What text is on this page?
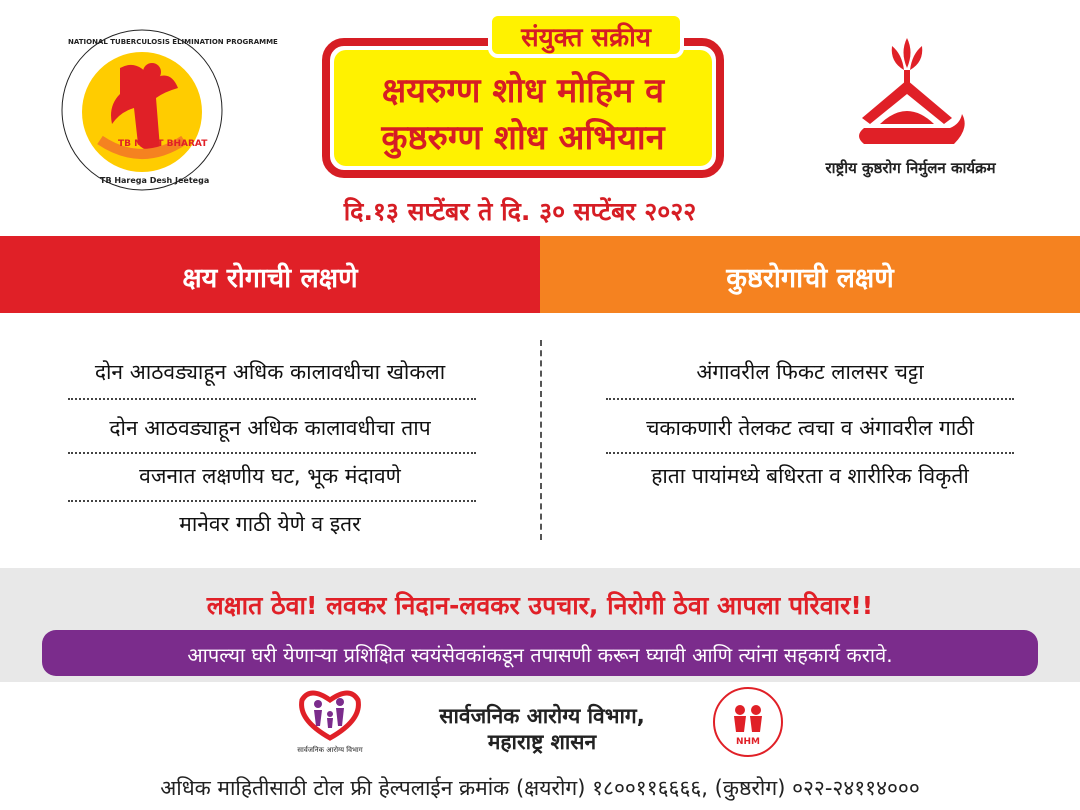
TB MUKT BHARAT
TB Harega Desh Jeetega
NATIONAL TUBERCULOSIS ELIMINATION PROGRAMME	संयुक्त सक्रीय
क्षयरुग्ण शोध मोहिम व
कुष्ठरुग्ण शोध अभियान
दि.१३ सप्टेंबर ते दि. ३० सप्टेंबर २०२२
राष्ट्रीय कुष्ठरोग निर्मुलन कार्यक्रम
क्षय रोगाची लक्षणे	कुष्ठरोगाची लक्षणे
दोन आठवड्याहून अधिक कालावधीचा खोकला
दोन आठवड्याहून अधिक कालावधीचा ताप
वजनात लक्षणीय घट, भूक मंदावणे
मानेवर गाठी येणे व इतर
अंगावरील फिकट लालसर चट्टा
चकाकणारी तेलकट त्वचा व अंगावरील गाठी
हाता पायांमध्ये बधिरता व शारीरिक विकृती
लक्षात ठेवा! लवकर निदान-लवकर उपचार, निरोगी ठेवा आपला परिवार!!
आपल्या घरी येणाऱ्या प्रशिक्षित स्वयंसेवकांकडून तपासणी करून घ्यावी आणि त्यांना सहकार्य करावे.
सार्वजनिक आरोग्य विभाग
सार्वजनिक आरोग्य विभाग,
महाराष्ट्र शासन	NHM
अधिक माहितीसाठी टोल फ्री हेल्पलाईन क्रमांक (क्षयरोग) १८००११६६६६, (कुष्ठरोग) ०२२-२४११४०००
